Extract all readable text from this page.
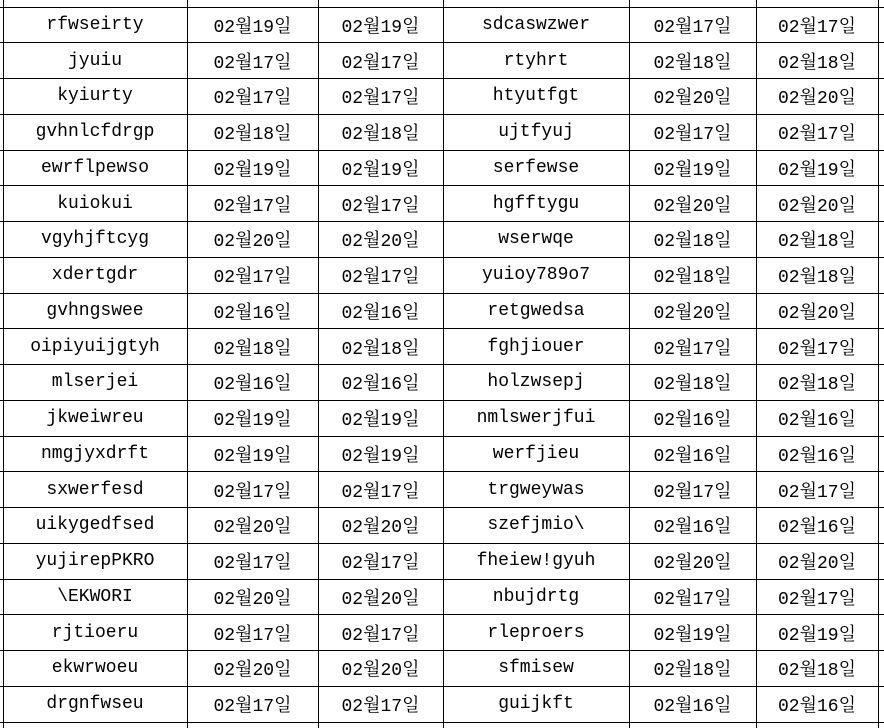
	rfwseirty	02월19일	02월19일	sdcaswzwer	02월17일	02월17일	
	jyuiu	02월17일	02월17일	rtyhrt	02월18일	02월18일	
	kyiurty	02월17일	02월17일	htyutfgt	02월20일	02월20일	
	gvhnlcfdrgp	02월18일	02월18일	ujtfyuj	02월17일	02월17일	
	ewrflpewso	02월19일	02월19일	serfewse	02월19일	02월19일	
	kuiokui	02월17일	02월17일	hgfftygu	02월20일	02월20일	
	vgyhjftcyg	02월20일	02월20일	wserwqe	02월18일	02월18일	
	xdertgdr	02월17일	02월17일	yuioy789o7	02월18일	02월18일	
	gvhngswee	02월16일	02월16일	retgwedsa	02월20일	02월20일	
	oipiyuijgtyh	02월18일	02월18일	fghjiouer	02월17일	02월17일	
	mlserjei	02월16일	02월16일	holzwsepj	02월18일	02월18일	
	jkweiwreu	02월19일	02월19일	nmlswerjfui	02월16일	02월16일	
	nmgjyxdrft	02월19일	02월19일	werfjieu	02월16일	02월16일	
	sxwerfesd	02월17일	02월17일	trgweywas	02월17일	02월17일	
	uikygedfsed	02월20일	02월20일	szefjmio\	02월16일	02월16일	
	yujirepPKRO	02월17일	02월17일	fheiew!gyuh	02월20일	02월20일	
	\EKWORI	02월20일	02월20일	nbujdrtg	02월17일	02월17일	
	rjtioeru	02월17일	02월17일	rleproers	02월19일	02월19일	
	ekwrwoeu	02월20일	02월20일	sfmisew	02월18일	02월18일	
	drgnfwseu	02월17일	02월17일	guijkft	02월16일	02월16일	
